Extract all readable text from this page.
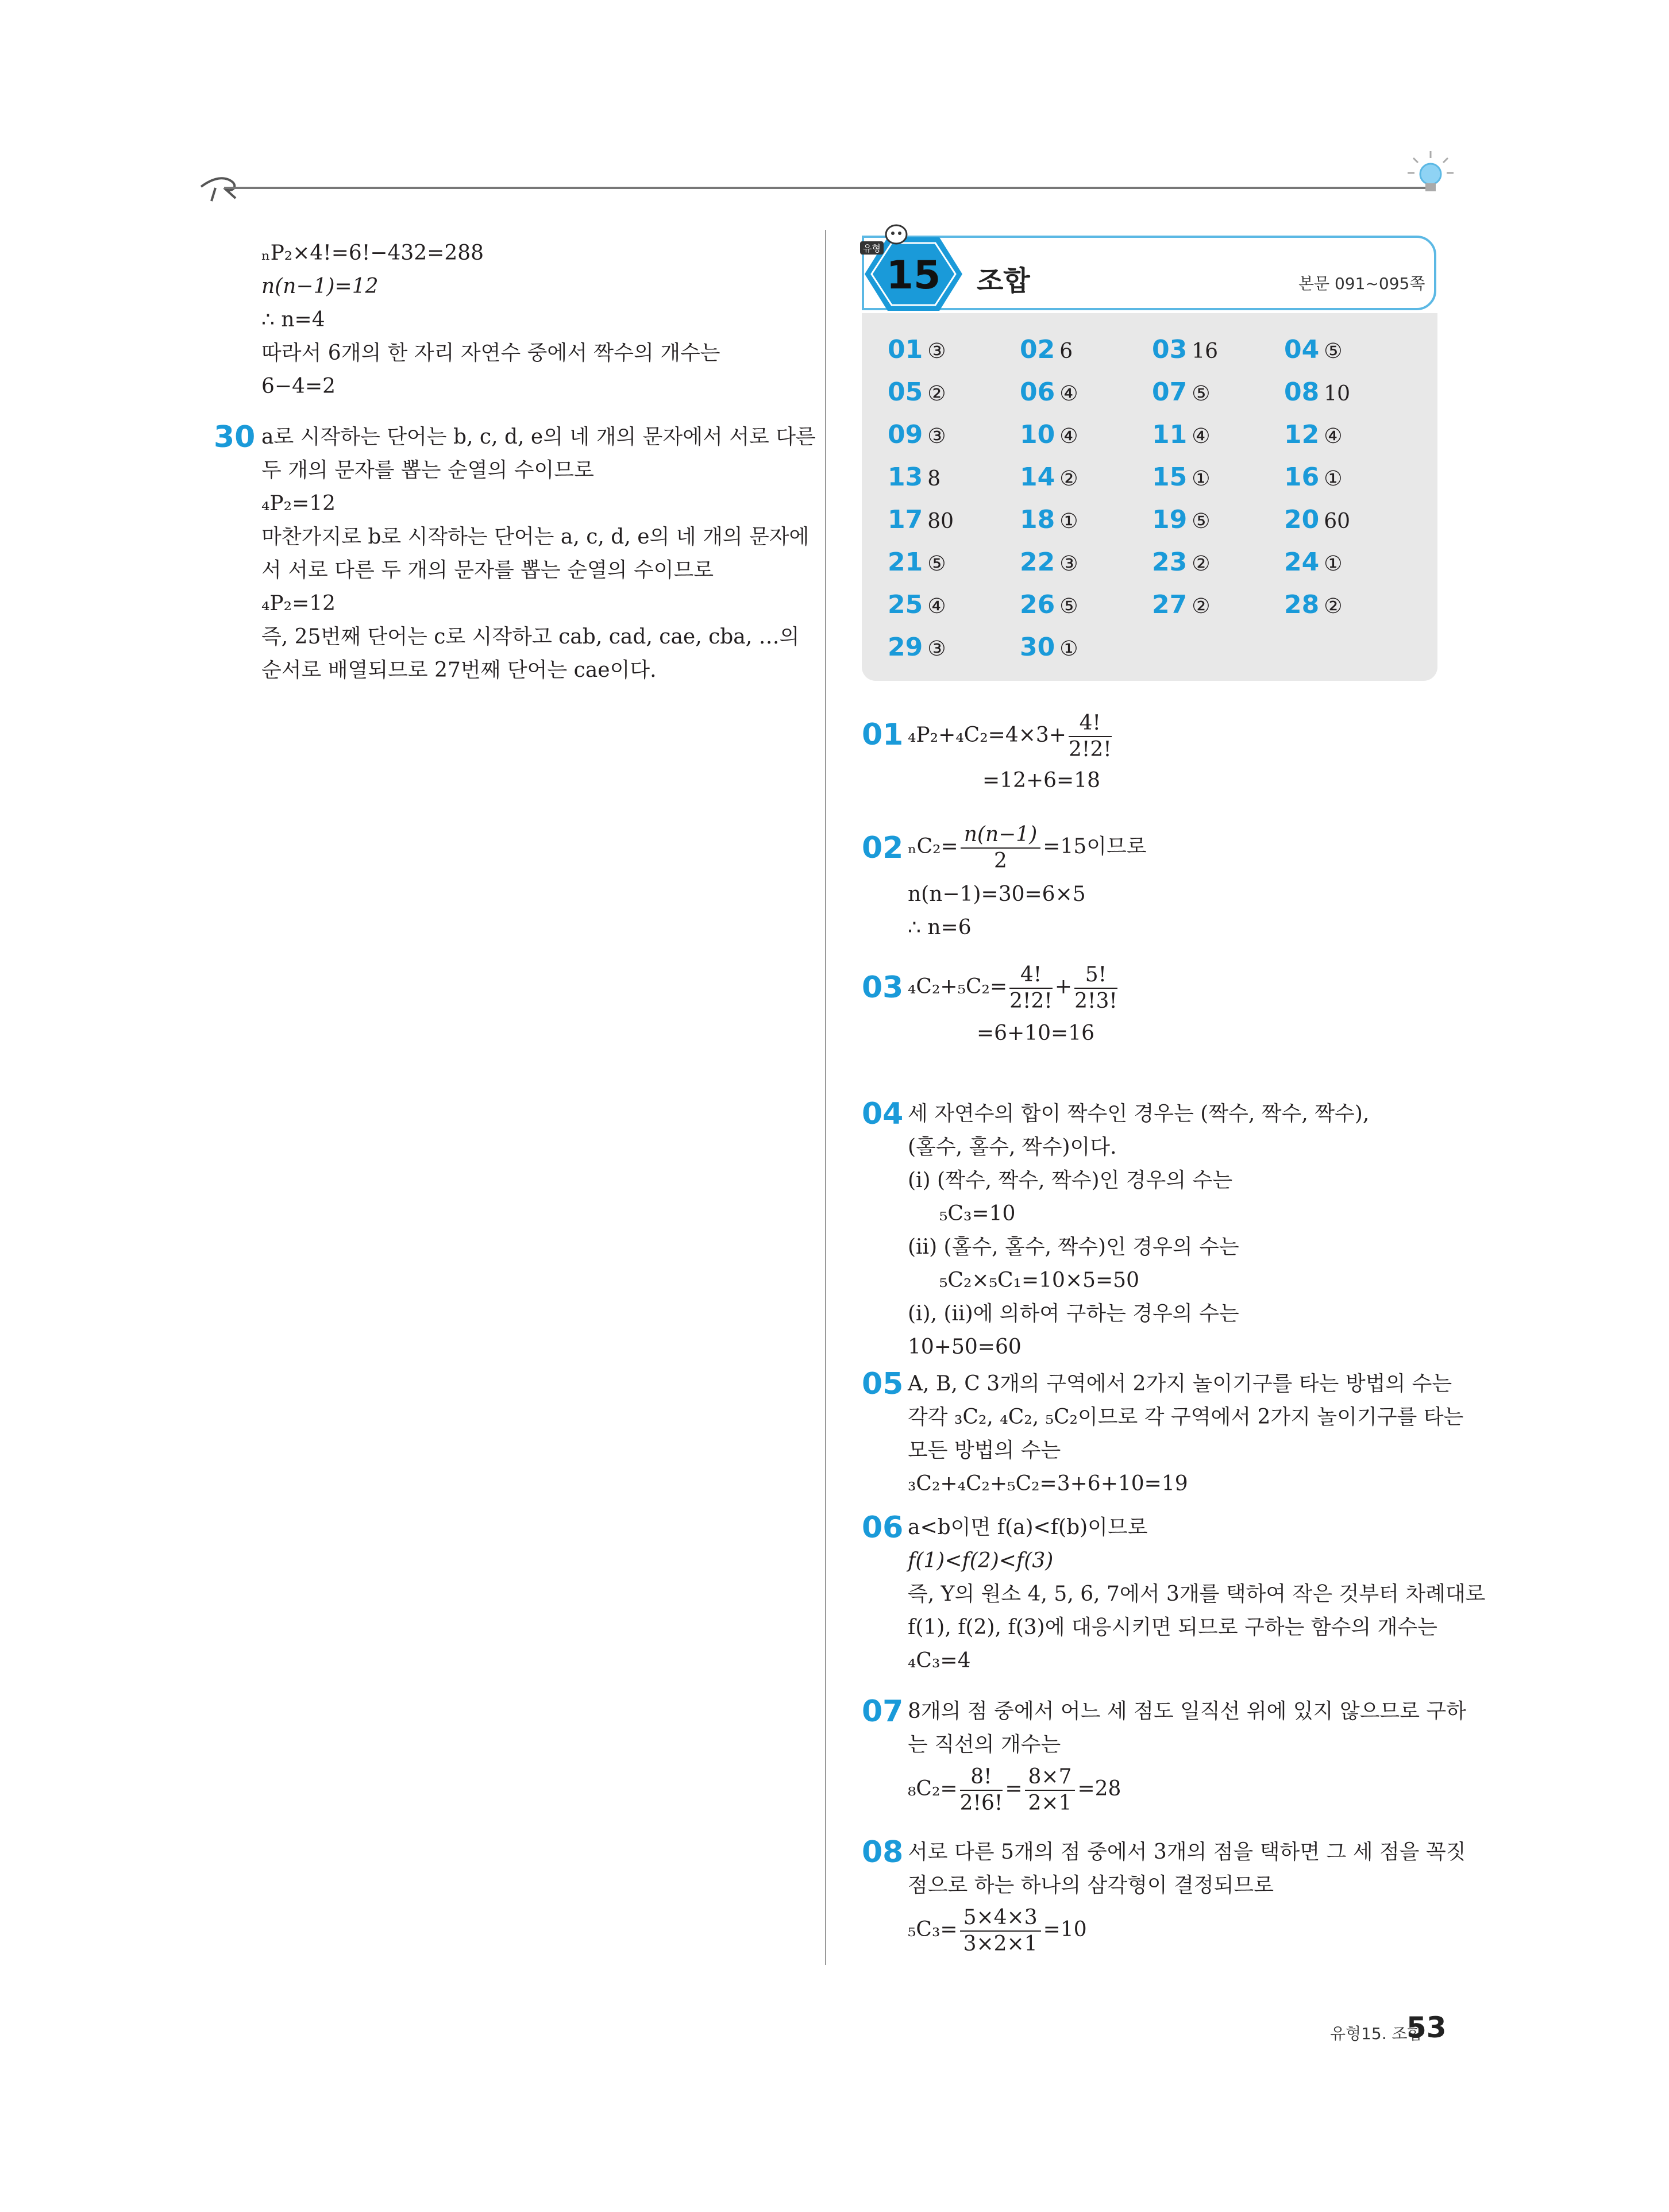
ₙP₂×4!=6!−432=288
n(n−1)=12
∴ n=4
따라서 6개의 한 자리 자연수 중에서 짝수의 개수는
6−4=2
30 a로 시작하는 단어는 b, c, d, e의 네 개의 문자에서 서로 다른
두 개의 문자를 뽑는 순열의 수이므로
₄P₂=12
마찬가지로 b로 시작하는 단어는 a, c, d, e의 네 개의 문자에
서 서로 다른 두 개의 문자를 뽑는 순열의 수이므로
₄P₂=12
즉, 25번째 단어는 c로 시작하고 cab, cad, cae, cba, …의
순서로 배열되므로 27번째 단어는 cae이다.
유형
15	조합	본문 091~095쪽
01 ③	02 6	03 16	04 ⑤
05 ②	06 ④	07 ⑤	08 10
09 ③	10 ④	11 ④	12 ④
13 8	14 ②	15 ①	16 ①
17 80	18 ①	19 ⑤	20 60
21 ⑤	22 ③	23 ②	24 ①
25 ④	26 ⑤	27 ②	28 ②
29 ③	30 ①
01 $_4P_2+_4C_2=4\times 3+ \frac{4!}{2!2!}$
=12+6=18
02 $_nC_2= \frac{n(n-1)}{2} =15$이므로
n(n−1)=30=6×5
∴ n=6
03 $_4C_2+_5C_2= \frac{4!}{2!2!} + \frac{5!}{2!3!}$
=6+10=16
04 세 자연수의 합이 짝수인 경우는 (짝수, 짝수, 짝수),
(홀수, 홀수, 짝수)이다.
(ⅰ) (짝수, 짝수, 짝수)인 경우의 수는
₅C₃=10
(ⅱ) (홀수, 홀수, 짝수)인 경우의 수는
₅C₂×₅C₁=10×5=50
(ⅰ), (ⅱ)에 의하여 구하는 경우의 수는
10+50=60
05 A, B, C 3개의 구역에서 2가지 놀이기구를 타는 방법의 수는
각각 ₃C₂, ₄C₂, ₅C₂이므로 각 구역에서 2가지 놀이기구를 타는
모든 방법의 수는
₃C₂+₄C₂+₅C₂=3+6+10=19
06 a<b이면 f(a)<f(b)이므로
f(1)<f(2)<f(3)
즉, Y의 원소 4, 5, 6, 7에서 3개를 택하여 작은 것부터 차례대로
f(1), f(2), f(3)에 대응시키면 되므로 구하는 함수의 개수는
₄C₃=4
07 8개의 점 중에서 어느 세 점도 일직선 위에 있지 않으므로 구하
는 직선의 개수는
$_8C_2= \frac{8!}{2!6!} = \frac{8\times 7}{2\times 1} =28$
08 서로 다른 5개의 점 중에서 3개의 점을 택하면 그 세 점을 꼭짓
점으로 하는 하나의 삼각형이 결정되므로
$_5C_3= \frac{5\times 4\times 3}{3\times 2\times 1} =10$
유형15. 조합
53
